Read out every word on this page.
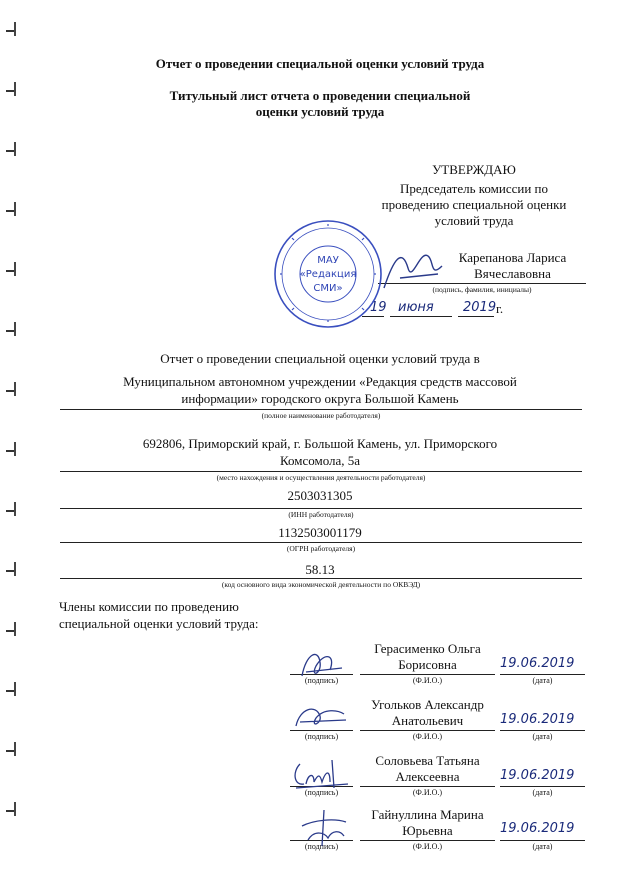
Отчет о проведении специальной оценки условий труда
Титульный лист отчета о проведении специальной
оценки условий труда
УТВЕРЖДАЮ
Председатель комиссии по
проведению специальной оценки
условий труда
Карепанова Лариса
Вячеславовна
(подпись, фамилия, инициалы)
19 июня 2019 г.
МАУ
«Редакция
СМИ»
Отчет о проведении специальной оценки условий труда в
Муниципальном автономном учреждении «Редакция средств массовой
информации» городского округа Большой Камень
(полное наименование работодателя)
692806, Приморский край, г. Большой Камень, ул. Приморского
Комсомола, 5а
(место нахождения и осуществления деятельности работодателя)
2503031305
(ИНН работодателя)
1132503001179
(ОГРН работодателя)
58.13
(код основного вида экономической деятельности по ОКВЭД)
Члены комиссии по проведению
специальной оценки условий труда:
Герасименко Ольга
Борисовна	19.06.2019
(подпись)	(Ф.И.О.)	(дата)
Угольков Александр
Анатольевич	19.06.2019
(подпись)	(Ф.И.О.)	(дата)
Соловьева Татьяна
Алексеевна	19.06.2019
(подпись)	(Ф.И.О.)	(дата)
Гайнуллина Марина
Юрьевна	19.06.2019
(подпись)	(Ф.И.О.)	(дата)
